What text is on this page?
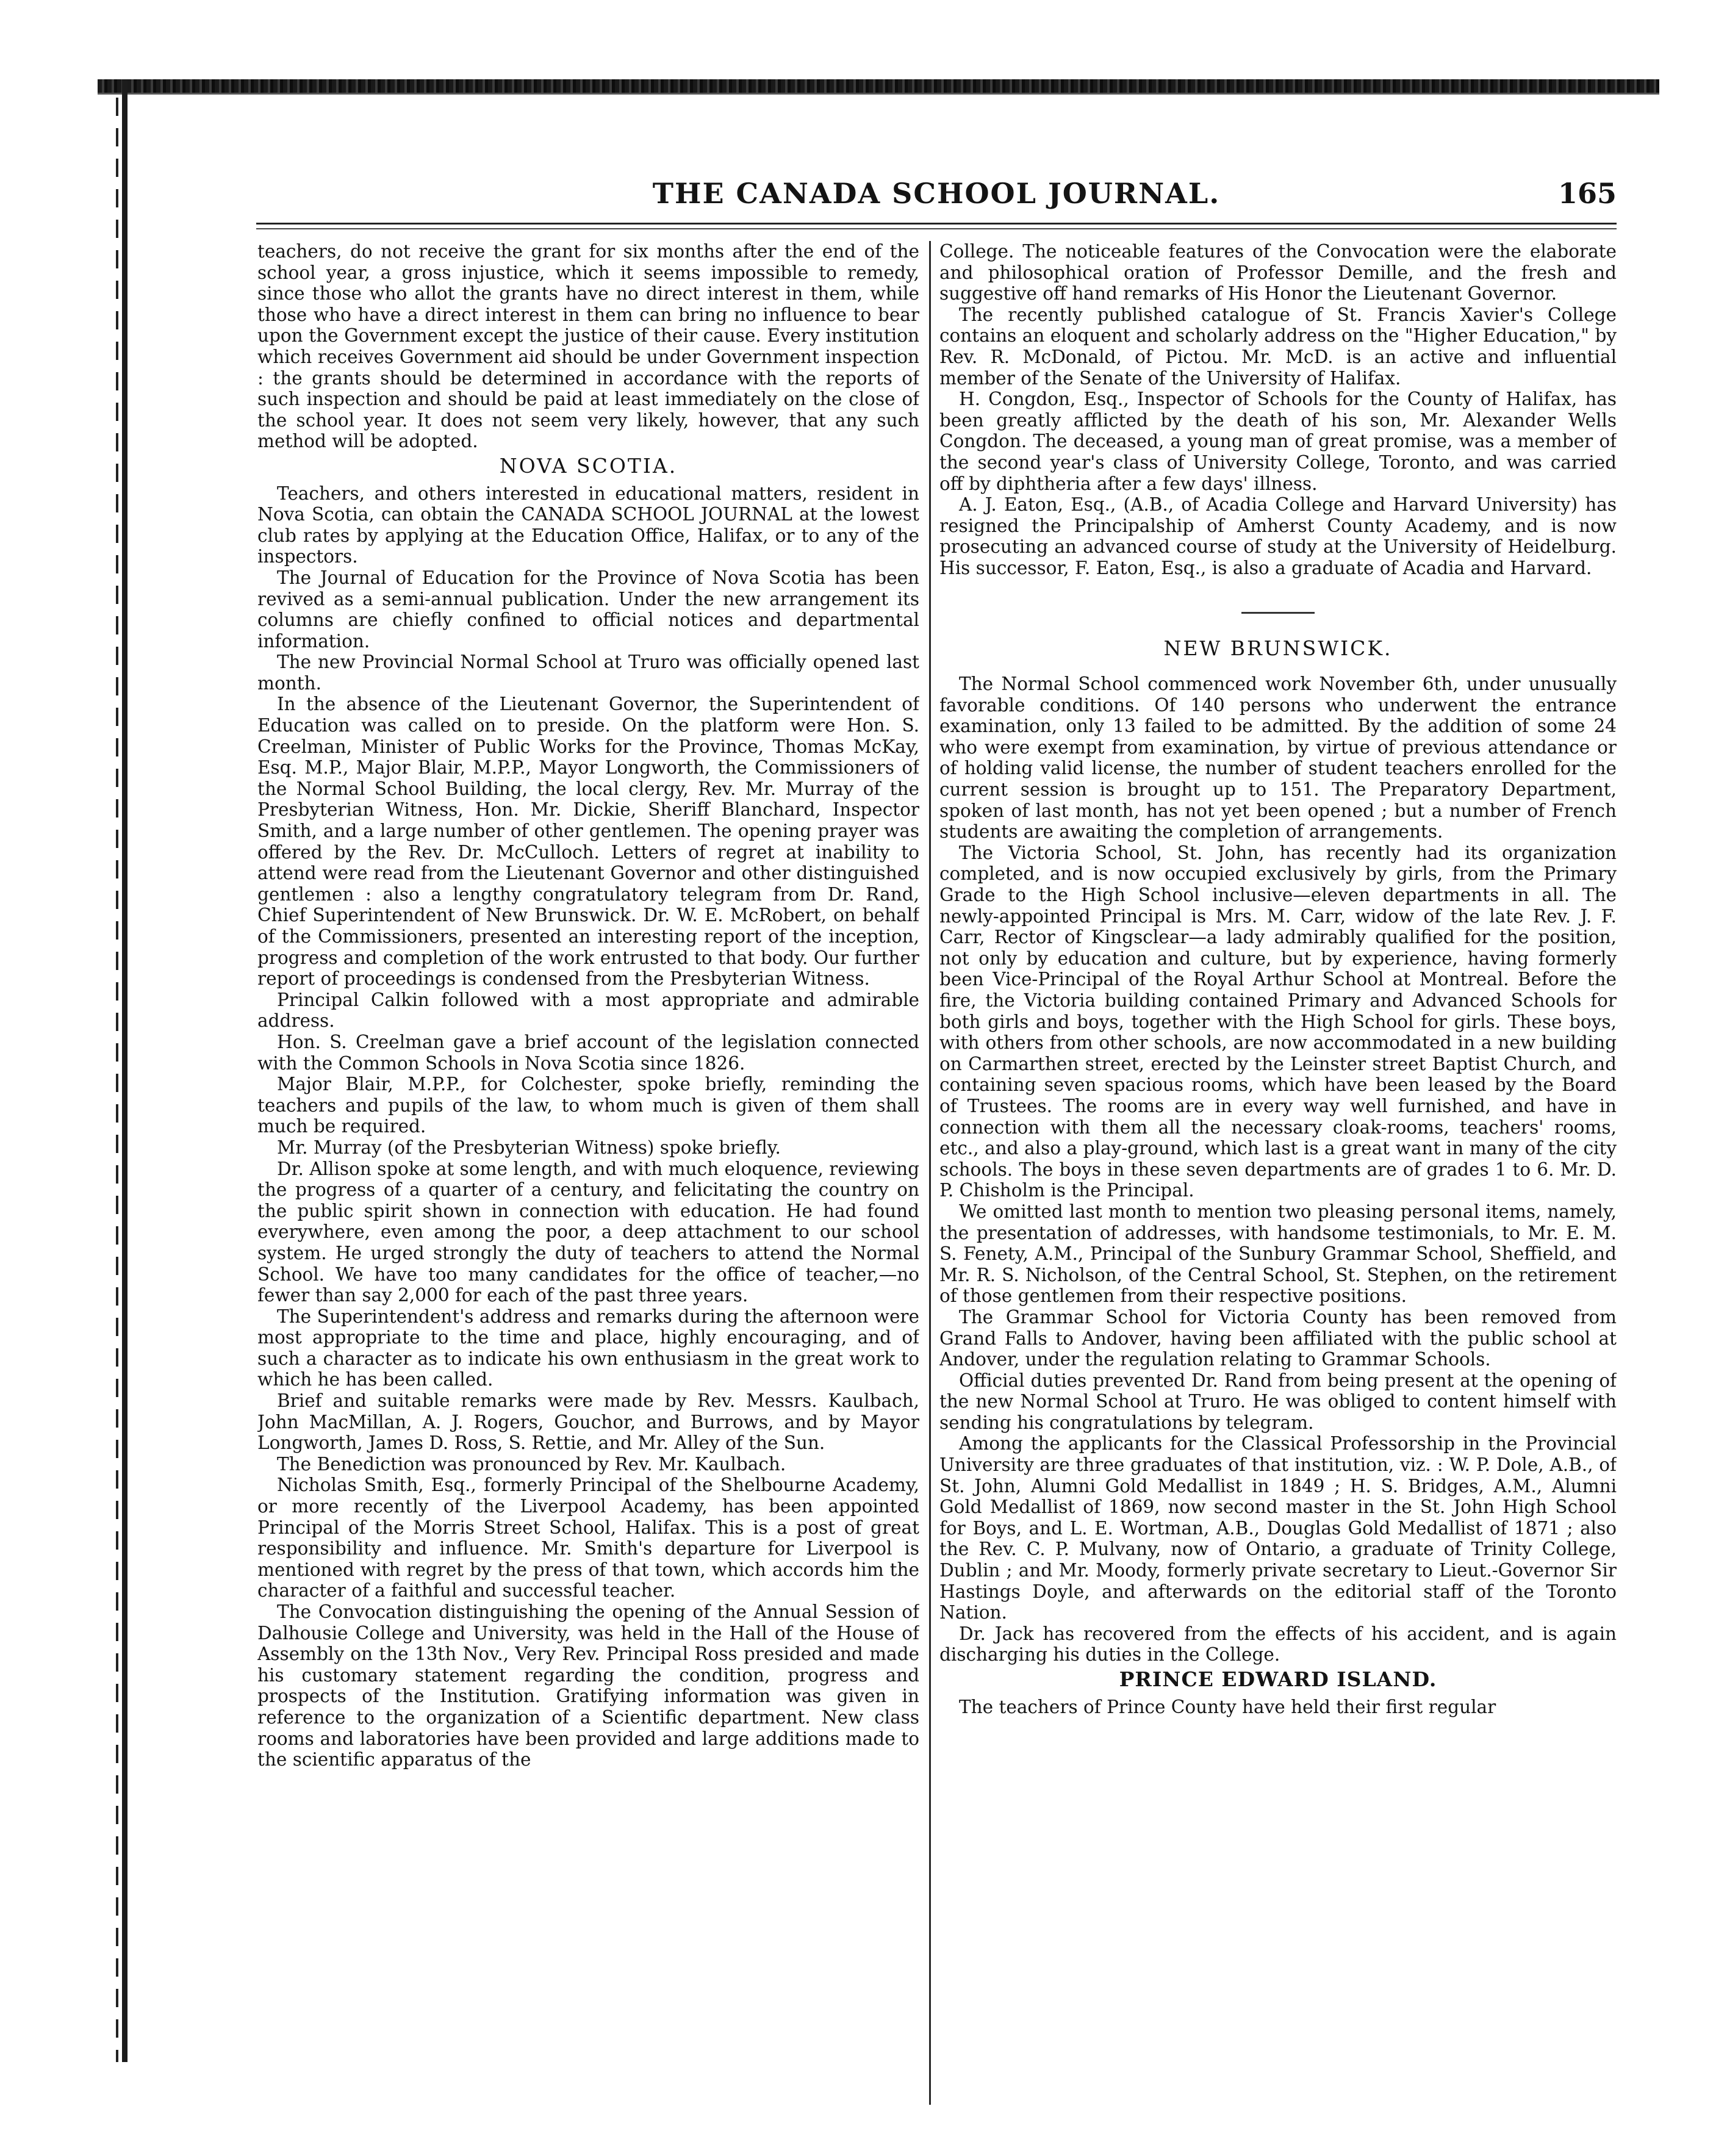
THE CANADA SCHOOL JOURNAL.	165

teachers, do not receive the grant for six months after the end of the school year, a gross injustice, which it seems impossible to remedy, since those who allot the grants have no direct interest in them, while those who have a direct interest in them can bring no influence to bear upon the Government except the justice of their cause. Every institution which receives Government aid should be under Government inspection : the grants should be determined in accordance with the reports of such inspection and should be paid at least immediately on the close of the school year. It does not seem very likely, however, that any such method will be adopted.

NOVA SCOTIA.

Teachers, and others interested in educational matters, resident in Nova Scotia, can obtain the CANADA SCHOOL JOURNAL at the lowest club rates by applying at the Education Office, Halifax, or to any of the inspectors.

The Journal of Education for the Province of Nova Scotia has been revived as a semi-annual publication. Under the new arrangement its columns are chiefly confined to official notices and departmental information.

The new Provincial Normal School at Truro was officially opened last month.

In the absence of the Lieutenant Governor, the Superintendent of Education was called on to preside. On the platform were Hon. S. Creelman, Minister of Public Works for the Province, Thomas McKay, Esq. M.P., Major Blair, M.P.P., Mayor Longworth, the Commissioners of the Normal School Building, the local clergy, Rev. Mr. Murray of the Presbyterian Witness, Hon. Mr. Dickie, Sheriff Blanchard, Inspector Smith, and a large number of other gentlemen. The opening prayer was offered by the Rev. Dr. McCulloch. Letters of regret at inability to attend were read from the Lieutenant Governor and other distinguished gentlemen : also a lengthy congratulatory telegram from Dr. Rand, Chief Superintendent of New Brunswick. Dr. W. E. McRobert, on behalf of the Commissioners, presented an interesting report of the inception, progress and completion of the work entrusted to that body. Our further report of proceedings is condensed from the Presbyterian Witness.

Principal Calkin followed with a most appropriate and admirable address.

Hon. S. Creelman gave a brief account of the legislation connected with the Common Schools in Nova Scotia since 1826.

Major Blair, M.P.P., for Colchester, spoke briefly, reminding the teachers and pupils of the law, to whom much is given of them shall much be required.

Mr. Murray (of the Presbyterian Witness) spoke briefly.

Dr. Allison spoke at some length, and with much eloquence, reviewing the progress of a quarter of a century, and felicitating the country on the public spirit shown in connection with education. He had found everywhere, even among the poor, a deep attachment to our school system. He urged strongly the duty of teachers to attend the Normal School. We have too many candidates for the office of teacher,—no fewer than say 2,000 for each of the past three years.

The Superintendent's address and remarks during the afternoon were most appropriate to the time and place, highly encouraging, and of such a character as to indicate his own enthusiasm in the great work to which he has been called.

Brief and suitable remarks were made by Rev. Messrs. Kaulbach, John MacMillan, A. J. Rogers, Gouchor, and Burrows, and by Mayor Longworth, James D. Ross, S. Rettie, and Mr. Alley of the Sun.

The Benediction was pronounced by Rev. Mr. Kaulbach.

Nicholas Smith, Esq., formerly Principal of the Shelbourne Academy, or more recently of the Liverpool Academy, has been appointed Principal of the Morris Street School, Halifax. This is a post of great responsibility and influence. Mr. Smith's departure for Liverpool is mentioned with regret by the press of that town, which accords him the character of a faithful and successful teacher.

The Convocation distinguishing the opening of the Annual Session of Dalhousie College and University, was held in the Hall of the House of Assembly on the 13th Nov., Very Rev. Principal Ross presided and made his customary statement regarding the condition, progress and prospects of the Institution. Gratifying information was given in reference to the organization of a Scientific department. New class rooms and laboratories have been provided and large additions made to the scientific apparatus of the

College. The noticeable features of the Convocation were the elaborate and philosophical oration of Professor Demille, and the fresh and suggestive off hand remarks of His Honor the Lieutenant Governor.

The recently published catalogue of St. Francis Xavier's College contains an eloquent and scholarly address on the "Higher Education," by Rev. R. McDonald, of Pictou. Mr. McD. is an active and influential member of the Senate of the University of Halifax.

H. Congdon, Esq., Inspector of Schools for the County of Halifax, has been greatly afflicted by the death of his son, Mr. Alexander Wells Congdon. The deceased, a young man of great promise, was a member of the second year's class of University College, Toronto, and was carried off by diphtheria after a few days' illness.

A. J. Eaton, Esq., (A.B., of Acadia College and Harvard University) has resigned the Principalship of Amherst County Academy, and is now prosecuting an advanced course of study at the University of Heidelburg. His successor, F. Eaton, Esq., is also a graduate of Acadia and Harvard.

NEW BRUNSWICK.

The Normal School commenced work November 6th, under unusually favorable conditions. Of 140 persons who underwent the entrance examination, only 13 failed to be admitted. By the addition of some 24 who were exempt from examination, by virtue of previous attendance or of holding valid license, the number of student teachers enrolled for the current session is brought up to 151. The Preparatory Department, spoken of last month, has not yet been opened ; but a number of French students are awaiting the completion of arrangements.

The Victoria School, St. John, has recently had its organization completed, and is now occupied exclusively by girls, from the Primary Grade to the High School inclusive—eleven departments in all. The newly-appointed Principal is Mrs. M. Carr, widow of the late Rev. J. F. Carr, Rector of Kingsclear—a lady admirably qualified for the position, not only by education and culture, but by experience, having formerly been Vice-Principal of the Royal Arthur School at Montreal. Before the fire, the Victoria building contained Primary and Advanced Schools for both girls and boys, together with the High School for girls. These boys, with others from other schools, are now accommodated in a new building on Carmarthen street, erected by the Leinster street Baptist Church, and containing seven spacious rooms, which have been leased by the Board of Trustees. The rooms are in every way well furnished, and have in connection with them all the necessary cloak-rooms, teachers' rooms, etc., and also a play-ground, which last is a great want in many of the city schools. The boys in these seven departments are of grades 1 to 6. Mr. D. P. Chisholm is the Principal.

We omitted last month to mention two pleasing personal items, namely, the presentation of addresses, with handsome testimonials, to Mr. E. M. S. Fenety, A.M., Principal of the Sunbury Grammar School, Sheffield, and Mr. R. S. Nicholson, of the Central School, St. Stephen, on the retirement of those gentlemen from their respective positions.

The Grammar School for Victoria County has been removed from Grand Falls to Andover, having been affiliated with the public school at Andover, under the regulation relating to Grammar Schools.

Official duties prevented Dr. Rand from being present at the opening of the new Normal School at Truro. He was obliged to content himself with sending his congratulations by telegram.

Among the applicants for the Classical Professorship in the Provincial University are three graduates of that institution, viz. : W. P. Dole, A.B., of St. John, Alumni Gold Medallist in 1849 ; H. S. Bridges, A.M., Alumni Gold Medallist of 1869, now second master in the St. John High School for Boys, and L. E. Wortman, A.B., Douglas Gold Medallist of 1871 ; also the Rev. C. P. Mulvany, now of Ontario, a graduate of Trinity College, Dublin ; and Mr. Moody, formerly private secretary to Lieut.-Governor Sir Hastings Doyle, and afterwards on the editorial staff of the Toronto Nation.

Dr. Jack has recovered from the effects of his accident, and is again discharging his duties in the College.

PRINCE EDWARD ISLAND.

The teachers of Prince County have held their first regular
